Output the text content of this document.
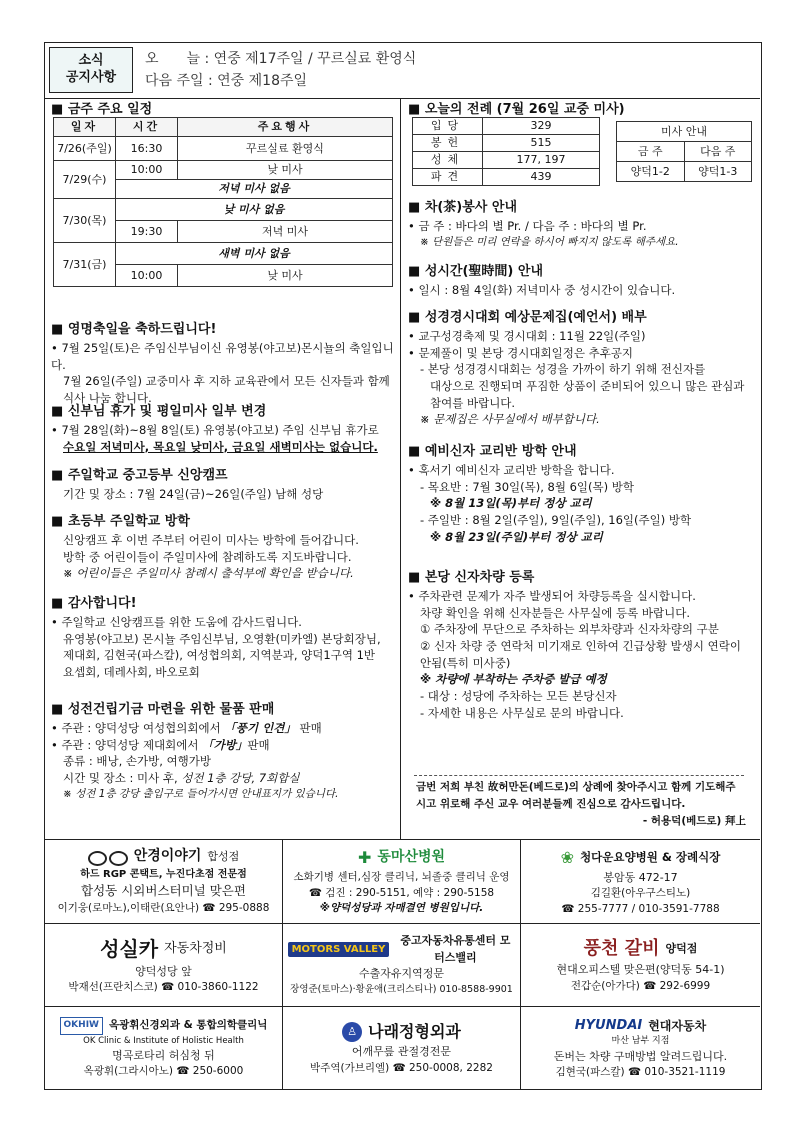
소식
공지사항
오　　늘 : 연중 제17주일 / 꾸르실료 환영식
다음 주일 : 연중 제18주일
■ 금주 주요 일정
일자	시간	주요행사
7/26(주일)	16:30	꾸르실료 환영식
7/29(수)	10:00	낮 미사
	저녁 미사 없음	
7/30(목)	낮 미사 없음	
	19:30	저녁 미사
7/31(금)	새벽 미사 없음	
	10:00	낮 미사
■ 영명축일을 축하드립니다!
• 7월 25일(토)은 주임신부님이신 유영봉(야고보)몬시뇰의 축일입니다.
7월 26일(주일) 교중미사 후 지하 교육관에서 모든 신자들과 함께
식사 나눔 합니다.
■ 신부님 휴가 및 평일미사 일부 변경
• 7월 28일(화)~8월 8일(토) 유영봉(야고보) 주임 신부님 휴가로
수요일 저녁미사, 목요일 낮미사, 금요일 새벽미사는 없습니다.
■ 주일학교 중고등부 신앙캠프
기간 및 장소 : 7월 24일(금)~26일(주일) 남해 성당
■ 초등부 주일학교 방학
신앙캠프 후 이번 주부터 어린이 미사는 방학에 들어갑니다.
방학 중 어린이들이 주일미사에 참례하도록 지도바랍니다.
※ 어린이들은 주일미사 참례시 출석부에 확인을 받습니다.
■ 감사합니다!
• 주일학교 신앙캠프를 위한 도움에 감사드립니다.
유영봉(야고보) 몬시뇰 주임신부님, 오영환(미카엘) 본당회장님,
제대회, 김현국(파스칼), 여성협의회, 지역분과, 양덕1구역 1반
요셉회, 데레사회, 바오로회
■ 성전건립기금 마련을 위한 물품 판매
• 주관 : 양덕성당 여성협의회에서 「풍기 인견」 판매
• 주관 : 양덕성당 제대회에서 「가방」판매
종류 : 배낭, 손가방, 여행가방
시간 및 장소 : 미사 후, 성전 1층 강당, 7회합실
※ 성전 1층 강당 출입구로 들어가시면 안내표지가 있습니다.
■ 오늘의 전례 (7월 26일 교중 미사)
입당	329
봉헌	515
성체	177, 197
파견	439
미사 안내	
금 주	다음 주
양덕1-2	양덕1-3
■ 차(茶)봉사 안내
• 금 주 : 바다의 별 Pr. / 다음 주 : 바다의 별 Pr.
※ 단원들은 미리 연락을 하시어 빠지지 않도록 해주세요.
■ 성시간(聖時間) 안내
• 일시 : 8월 4일(화) 저녁미사 중 성시간이 있습니다.
■ 성경경시대회 예상문제집(예언서) 배부
• 교구성경축제 및 경시대회 : 11월 22일(주일)
• 문제풀이 및 본당 경시대회일정은 추후공지
- 본당 성경경시대회는 성경을 가까이 하기 위해 전신자를
대상으로 진행되며 푸짐한 상품이 준비되어 있으니 많은 관심과
참여를 바랍니다.
※ 문제집은 사무실에서 배부합니다.
■ 예비신자 교리반 방학 안내
• 혹서기 예비신자 교리반 방학을 합니다.
- 목요반 : 7월 30일(목), 8월 6일(목) 방학
※ 8월 13일(목)부터 정상 교리
- 주일반 : 8월 2일(주일), 9일(주일), 16일(주일) 방학
※ 8월 23일(주일)부터 정상 교리
■ 본당 신자차량 등록
• 주차관련 문제가 자주 발생되어 차량등록을 실시합니다.
차량 확인을 위해 신자분들은 사무실에 등록 바랍니다.
① 주차장에 무단으로 주차하는 외부차량과 신자차량의 구분
② 신자 차량 중 연락처 미기재로 인하여 긴급상황 발생시 연락이
안됨(특히 미사중)
※ 차량에 부착하는 주차증 발급 예정
- 대상 : 성당에 주차하는 모든 본당신자
- 자세한 내용은 사무실로 문의 바랍니다.
금번 저희 부친 故허만돈(베드로)의 상례에 찾아주시고 함께 기도해주
시고 위로해 주신 교우 여러분들께 진심으로 감사드립니다.
- 허용덕(베드로) 拜上
안경이야기 합성점
하드 RGP 콘택트, 누진다초점 전문점
합성동 시외버스터미널 맞은편
이기웅(로마노),이태란(요안나) ☎ 295-0888
✚ 동마산병원
소화기병 센터,심장 클리닉, 뇌졸중 클리닉 운영
☎ 검진 : 290-5151, 예약 : 290-5158
※양덕성당과 자매결연 병원입니다.
❀ 청다운요양병원 & 장례식장
봉암동 472-17
김길환(아우구스티노)
☎ 255-7777 / 010-3591-7788
성실카 자동차정비
양덕성당 앞
박재선(프란치스코) ☎ 010-3860-1122
MOTORS VALLEY
중고자동차유통센터 모터스밸리
수출자유지역정문
장영준(토마스)·황윤애(크리스티나) 010-8588-9901
풍천 갈비 양덕점
현대오피스텔 맞은편(양덕동 54-1)
전갑순(아가다) ☎ 292-6999
OKHIW 옥광휘신경외과 & 통합의학클리닉
OK Clinic & Institute of Holistic Health
명곡로타리 허심청 뒤
옥광휘(그라시아노) ☎ 250-6000
♙ 나래정형외과
어깨무릎 관절경전문
박주역(가브리엘) ☎ 250-0008, 2282
HYUNDAI 현대자동차
마산 남부 지점
돈버는 차량 구매방법 알려드립니다.
김현국(파스칼) ☎ 010-3521-1119
